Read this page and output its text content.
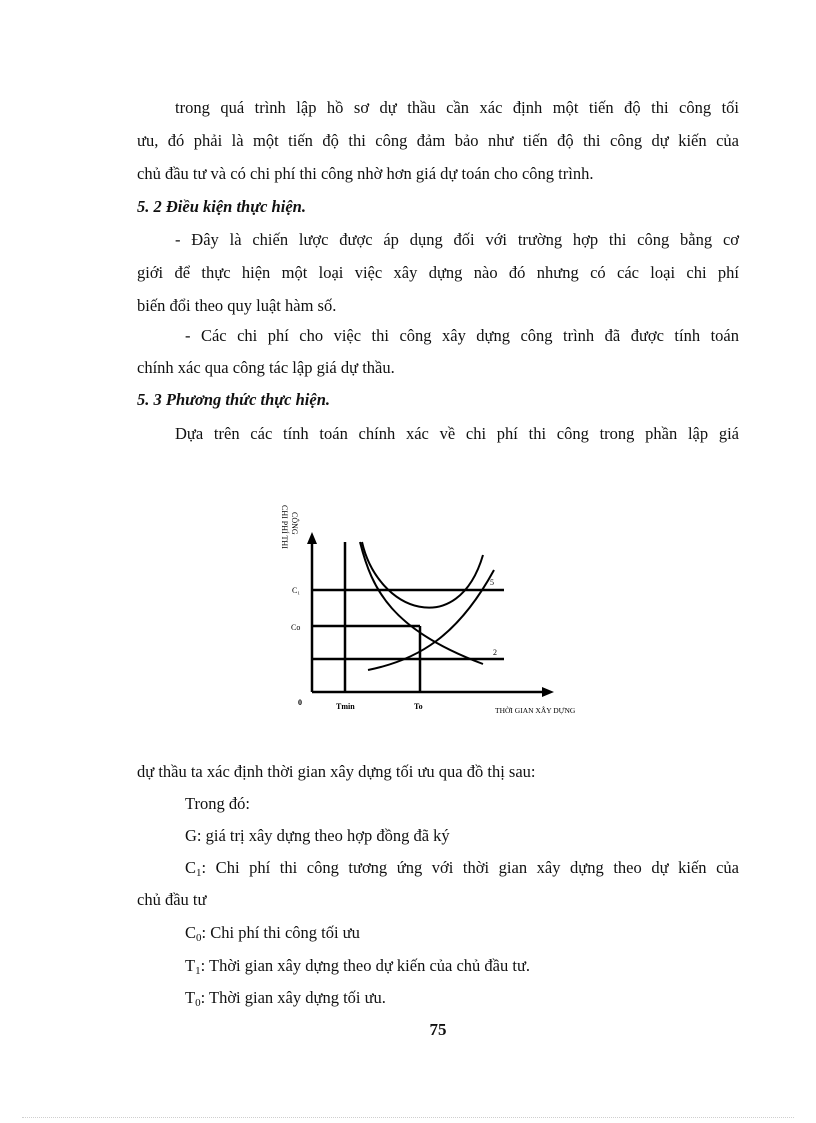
trong quá trình lập hồ sơ dự thầu cần xác định một tiến độ thi công tối
ưu, đó phải là một tiến độ thi công đảm bảo như tiến độ thi công dự kiến của
chủ đầu tư và có chi phí thi công nhờ hơn giá dự toán cho công trình.
5. 2 Điều kiện thực hiện.
- Đây là chiến lược được áp dụng đối với trường hợp thi công bằng cơ
giới để thực hiện một loại việc xây dựng nào đó nhưng có các loại chi phí
biến đổi theo quy luật hàm số.
- Các chi phí cho việc thi công xây dựng công trình đã được tính toán
chính xác qua công tác lập giá dự thầu.
5. 3 Phương thức thực hiện.
Dựa trên các tính toán chính xác về chi phí thi công trong phần lập giá
CHI PHÍ THI CÔNG
5
2
C₁
Co
0	Tmin	To	THỜI GIAN XÂY DỰNG
dự thầu ta xác định thời gian xây dựng tối ưu qua đồ thị sau:
Trong đó:
G: giá trị xây dựng theo hợp đồng đã ký
$C_1$: Chi phí thi công tương ứng với thời gian xây dựng theo dự kiến của
chủ đầu tư
$C_0$: Chi phí thi công tối ưu
$T_1$: Thời gian xây dựng theo dự kiến của chủ đầu tư.
$T_0$: Thời gian xây dựng tối ưu.
75
